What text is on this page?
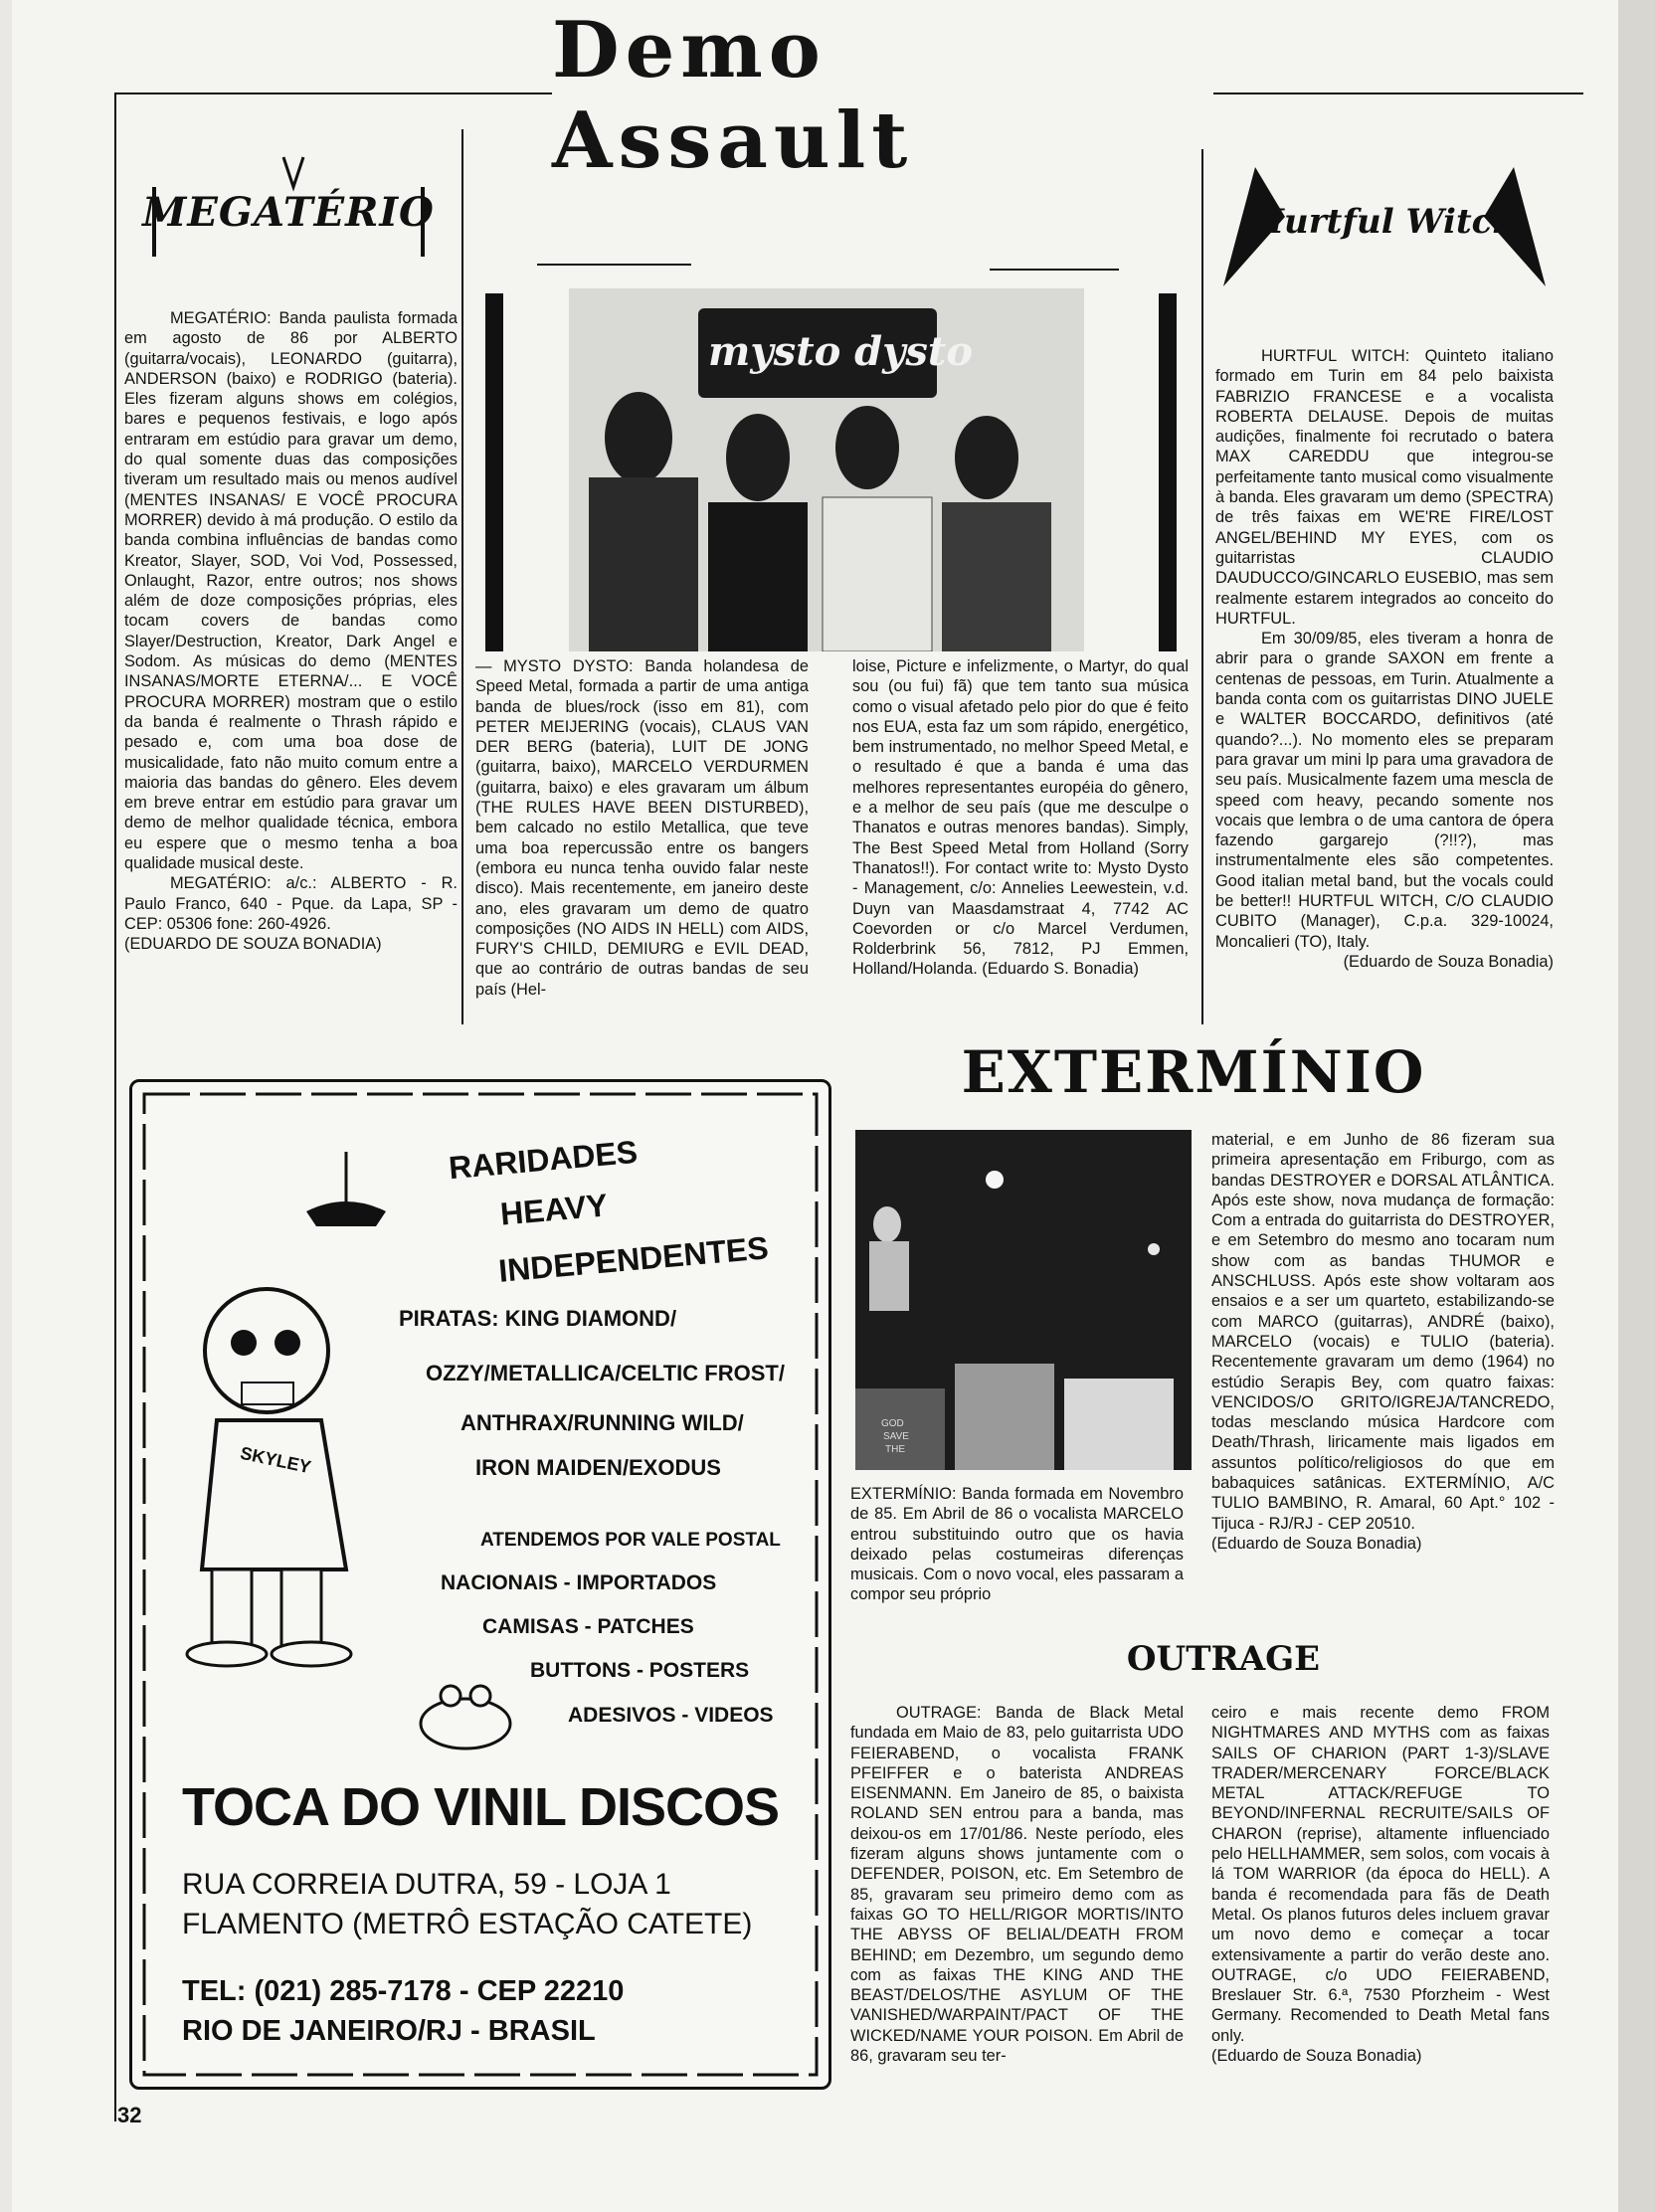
Demo Assault
MEGATÉRIO

MEGATÉRIO: Banda paulista formada em agosto de 86 por ALBERTO (guitarra/vocais), LEONARDO (guitarra), ANDERSON (baixo) e RODRIGO (bateria). Eles fizeram alguns shows em colégios, bares e pequenos festivais, e logo após entraram em estúdio para gravar um demo, do qual somente duas das composições tiveram um resultado mais ou menos audível (MENTES INSANAS/ E VOCÊ PROCURA MORRER) devido à má produção. O estilo da banda combina influências de bandas como Kreator, Slayer, SOD, Voi Vod, Possessed, Onlaught, Razor, entre outros; nos shows além de doze composições próprias, eles tocam covers de bandas como Slayer/Destruction, Kreator, Dark Angel e Sodom. As músicas do demo (MENTES INSANAS/MORTE ETERNA/... E VOCÊ PROCURA MORRER) mostram que o estilo da banda é realmente o Thrash rápido e pesado e, com uma boa dose de musicalidade, fato não muito comum entre a maioria das bandas do gênero. Eles devem em breve entrar em estúdio para gravar um demo de melhor qualidade técnica, embora eu espere que o mesmo tenha a boa qualidade musical deste.

MEGATÉRIO: a/c.: ALBERTO - R. Paulo Franco, 640 - Pque. da Lapa, SP - CEP: 05306 fone: 260-4926.

(EDUARDO DE SOUZA BONADIA)

mysto dysto

— MYSTO DYSTO: Banda holandesa de Speed Metal, formada a partir de uma antiga banda de blues/rock (isso em 81), com PETER MEIJERING (vocais), CLAUS VAN DER BERG (bateria), LUIT DE JONG (guitarra, baixo), MARCELO VERDURMEN (guitarra, baixo) e eles gravaram um álbum (THE RULES HAVE BEEN DISTURBED), bem calcado no estilo Metallica, que teve uma boa repercussão entre os bangers (embora eu nunca tenha ouvido falar neste disco). Mais recentemente, em janeiro deste ano, eles gravaram um demo de quatro composições (NO AIDS IN HELL) com AIDS, FURY'S CHILD, DEMIURG e EVIL DEAD, que ao contrário de outras bandas de seu país (Hel-

loise, Picture e infelizmente, o Martyr, do qual sou (ou fui) fã) que tem tanto sua música como o visual afetado pelo pior do que é feito nos EUA, esta faz um som rápido, energético, bem instrumentado, no melhor Speed Metal, e o resultado é que a banda é uma das melhores representantes européia do gênero, e a melhor de seu país (que me desculpe o Thanatos e outras menores bandas). Simply, The Best Speed Metal from Holland (Sorry Thanatos!!). For contact write to: Mysto Dysto - Management, c/o: Annelies Leewestein, v.d. Duyn van Maasdamstraat 4, 7742 AC Coevorden or c/o Marcel Verdumen, Rolderbrink 56, 7812, PJ Emmen, Holland/Holanda. (Eduardo S. Bonadia)

Hurtful Witch

HURTFUL WITCH: Quinteto italiano formado em Turin em 84 pelo baixista FABRIZIO FRANCESE e a vocalista ROBERTA DELAUSE. Depois de muitas audições, finalmente foi recrutado o batera MAX CAREDDU que integrou-se perfeitamente tanto musical como visualmente à banda. Eles gravaram um demo (SPECTRA) de três faixas em WE'RE FIRE/LOST ANGEL/BEHIND MY EYES, com os guitarristas CLAUDIO DAUDUCCO/GINCARLO EUSEBIO, mas sem realmente estarem integrados ao conceito do HURTFUL.

Em 30/09/85, eles tiveram a honra de abrir para o grande SAXON em frente a centenas de pessoas, em Turin. Atualmente a banda conta com os guitarristas DINO JUELE e WALTER BOCCARDO, definitivos (até quando?...). No momento eles se preparam para gravar um mini lp para uma gravadora de seu país. Musicalmente fazem uma mescla de speed com heavy, pecando somente nos vocais que lembra o de uma cantora de ópera fazendo gargarejo (?!!?), mas instrumentalmente eles são competentes. Good italian metal band, but the vocals could be better!! HURTFUL WITCH, C/O CLAUDIO CUBITO (Manager), C.p.a. 329-10024, Moncalieri (TO), Italy.

(Eduardo de Souza Bonadia)

EXTERMÍNIO
GOD
SAVE
THE

EXTERMÍNIO: Banda formada em Novembro de 85. Em Abril de 86 o vocalista MARCELO entrou substituindo outro que os havia deixado pelas costumeiras diferenças musicais. Com o novo vocal, eles passaram a compor seu próprio

material, e em Junho de 86 fizeram sua primeira apresentação em Friburgo, com as bandas DESTROYER e DORSAL ATLÂNTICA. Após este show, nova mudança de formação: Com a entrada do guitarrista do DESTROYER, e em Setembro do mesmo ano tocaram num show com as bandas THUMOR e ANSCHLUSS. Após este show voltaram aos ensaios e a ser um quarteto, estabilizando-se com MARCO (guitarras), ANDRÉ (baixo), MARCELO (vocais) e TULIO (bateria). Recentemente gravaram um demo (1964) no estúdio Serapis Bey, com quatro faixas: VENCIDOS/O GRITO/IGREJA/TANCREDO, todas mesclando música Hardcore com Death/Thrash, liricamente mais ligados em assuntos político/religiosos do que em babaquices satânicas. EXTERMÍNIO, A/C TULIO BAMBINO, R. Amaral, 60 Apt.° 102 - Tijuca - RJ/RJ - CEP 20510.

(Eduardo de Souza Bonadia)

OUTRAGE

OUTRAGE: Banda de Black Metal fundada em Maio de 83, pelo guitarrista UDO FEIERABEND, o vocalista FRANK PFEIFFER e o baterista ANDREAS EISENMANN. Em Janeiro de 85, o baixista ROLAND SEN entrou para a banda, mas deixou-os em 17/01/86. Neste período, eles fizeram alguns shows juntamente com o DEFENDER, POISON, etc. Em Setembro de 85, gravaram seu primeiro demo com as faixas GO TO HELL/RIGOR MORTIS/INTO THE ABYSS OF BELIAL/DEATH FROM BEHIND; em Dezembro, um segundo demo com as faixas THE KING AND THE BEAST/DELOS/THE ASYLUM OF THE VANISHED/WARPAINT/PACT OF THE WICKED/NAME YOUR POISON. Em Abril de 86, gravaram seu ter-

ceiro e mais recente demo FROM NIGHTMARES AND MYTHS com as faixas SAILS OF CHARION (PART 1-3)/SLAVE TRADER/MERCENARY FORCE/BLACK METAL ATTACK/REFUGE TO BEYOND/INFERNAL RECRUITE/SAILS OF CHARON (reprise), altamente influenciado pelo HELLHAMMER, sem solos, com vocais à lá TOM WARRIOR (da época do HELL). A banda é recomendada para fãs de Death Metal. Os planos futuros deles incluem gravar um novo demo e começar a tocar extensivamente a partir do verão deste ano. OUTRAGE, c/o UDO FEIERABEND, Breslauer Str. 6.ª, 7530 Pforzheim - West Germany. Recomended to Death Metal fans only.

(Eduardo de Souza Bonadia)

SKYLEY
RARIDADES
HEAVY
INDEPENDENTES
PIRATAS: KING DIAMOND/
OZZY/METALLICA/CELTIC FROST/
ANTHRAX/RUNNING WILD/
IRON MAIDEN/EXODUS
ATENDEMOS POR VALE POSTAL
NACIONAIS - IMPORTADOS
CAMISAS - PATCHES
BUTTONS - POSTERS
ADESIVOS - VIDEOS
TOCA DO VINIL DISCOS
RUA CORREIA DUTRA, 59 - LOJA 1
FLAMENTO (METRÔ ESTAÇÃO CATETE)
TEL: (021) 285-7178 - CEP 22210
RIO DE JANEIRO/RJ - BRASIL
32
